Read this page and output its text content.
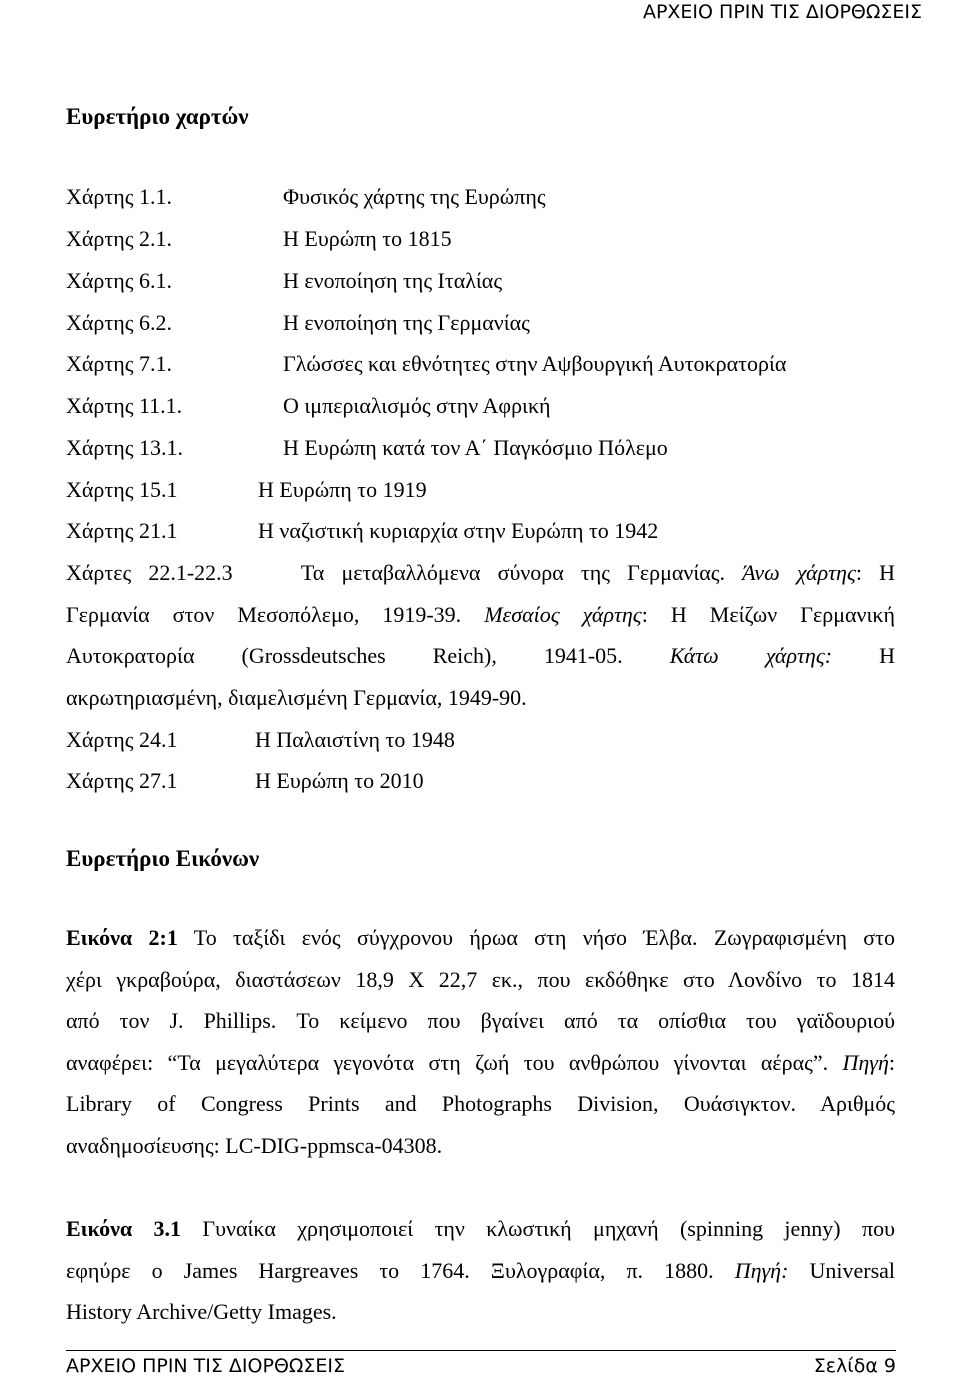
ΑΡΧΕΙΟ ΠΡΙΝ ΤΙΣ ΔΙΟΡΘΩΣΕΙΣ
Ευρετήριο χαρτών
Χάρτης 1.1.	Φυσικός χάρτης της Ευρώπης
Χάρτης 2.1.	Η Ευρώπη το 1815
Χάρτης 6.1.	Η ενοποίηση της Ιταλίας
Χάρτης 6.2.	Η ενοποίηση της Γερμανίας
Χάρτης 7.1.	Γλώσσες και εθνότητες στην Αψβουργική Αυτοκρατορία
Χάρτης 11.1.	Ο ιμπεριαλισμός στην Αφρική
Χάρτης 13.1.	Η Ευρώπη κατά τον Α΄ Παγκόσμιο Πόλεμο
Χάρτης 15.1	Η Ευρώπη το 1919
Χάρτης 21.1	Η ναζιστική κυριαρχία στην Ευρώπη το 1942
Χάρτες 22.1-22.3	Τα μεταβαλλόμενα σύνορα της Γερμανίας. Άνω χάρτης: Η
Γερμανία στον Μεσοπόλεμο, 1919-39. Μεσαίος χάρτης: Η Μείζων Γερμανική
Αυτοκρατορία (Grossdeutsches Reich), 1941-05. Κάτω χάρτης: Η
ακρωτηριασμένη, διαμελισμένη Γερμανία, 1949-90.
Χάρτης 24.1	Η Παλαιστίνη το 1948
Χάρτης 27.1	Η Ευρώπη το 2010
Ευρετήριο Εικόνων
Εικόνα 2:1 Το ταξίδι ενός σύγχρονου ήρωα στη νήσο Έλβα. Ζωγραφισμένη στο
χέρι γκραβούρα, διαστάσεων 18,9 Χ 22,7 εκ., που εκδόθηκε στο Λονδίνο το 1814
από τον J. Phillips. Το κείμενο που βγαίνει από τα οπίσθια του γαϊδουριού
αναφέρει: “Τα μεγαλύτερα γεγονότα στη ζωή του ανθρώπου γίνονται αέρας”. Πηγή:
Library of Congress Prints and Photographs Division, Ουάσιγκτον. Αριθμός
αναδημοσίευσης: LC-DIG-ppmsca-04308.
Εικόνα 3.1 Γυναίκα χρησιμοποιεί την κλωστική μηχανή (spinning jenny) που
εφηύρε ο James Hargreaves το 1764. Ξυλογραφία, π. 1880. Πηγή: Universal
History Archive/Getty Images.
ΑΡΧΕΙΟ ΠΡΙΝ ΤΙΣ ΔΙΟΡΘΩΣΕΙΣ	Σελίδα 9
